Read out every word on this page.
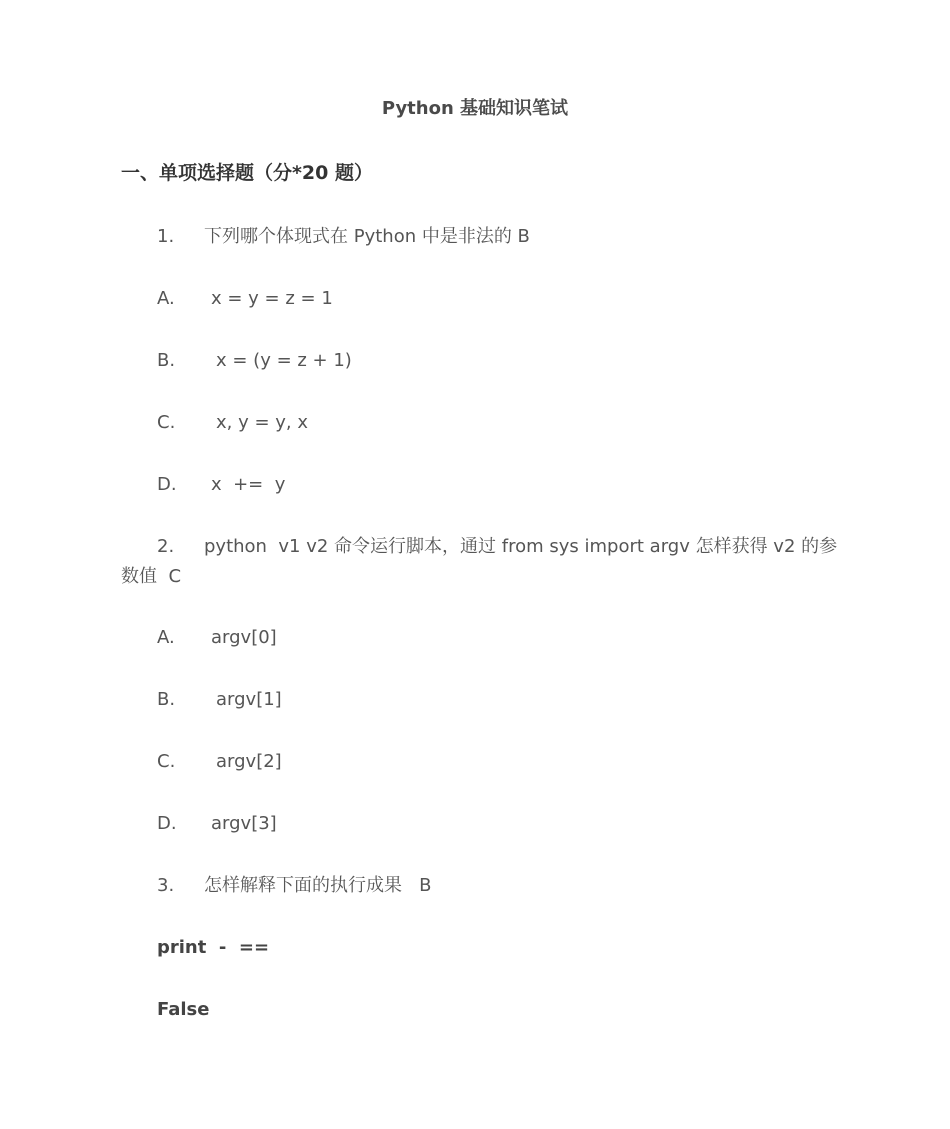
Python 基础知识笔试
一、单项选择题（分*20 题）
1. 下列哪个体现式在 Python 中是非法的 B
A. x = y = z = 1
B. x = (y = z + 1)
C. x, y = y, x
D. x  +=  y
2. python  v1 v2 命令运行脚本，通过 from sys import argv 怎样获得 v2 的参
数值  C
A. argv[0]
B. argv[1]
C. argv[2]
D. argv[3]
3. 怎样解释下面的执行成果   B
print  -  ==
False
